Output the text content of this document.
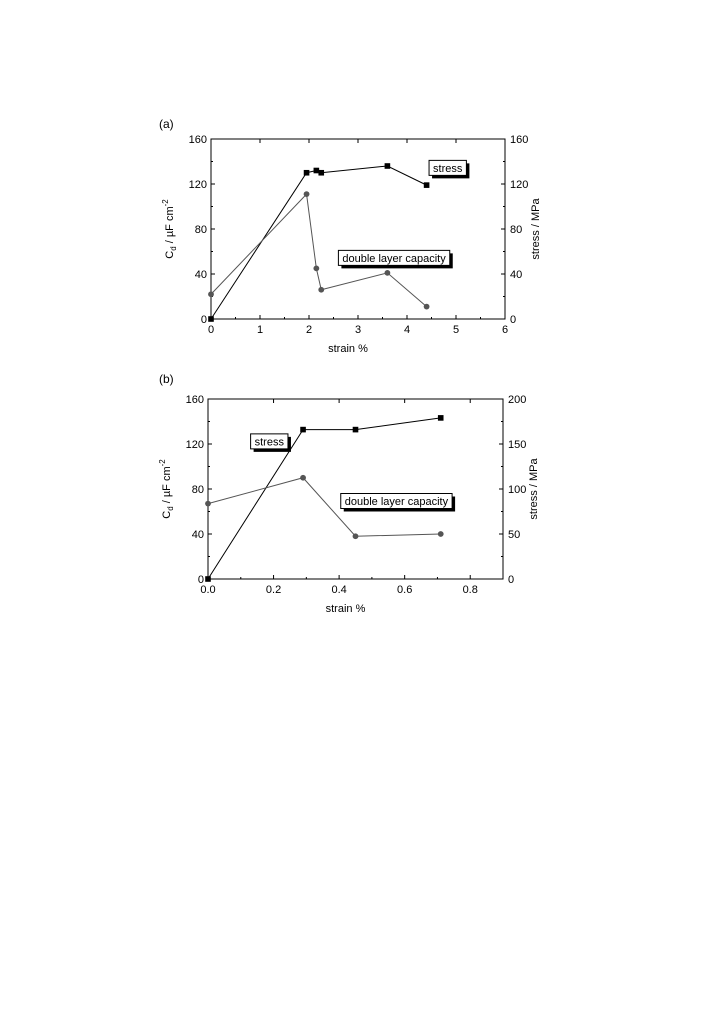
(a)
0	1	2	3	4	5	6
0
40
80
120
160
0
40
80
120
160
strain %
$C_d$ / µF $cm^{-2}$	stress / MPa
stress
double layer capacity
(b)
0.0	0.2	0.4	0.6	0.8
0
40
80
120
160
0
50
100
150
200
strain %
$C_d$ / µF $cm^{-2}$	stress / MPa
stress
double layer capacity
